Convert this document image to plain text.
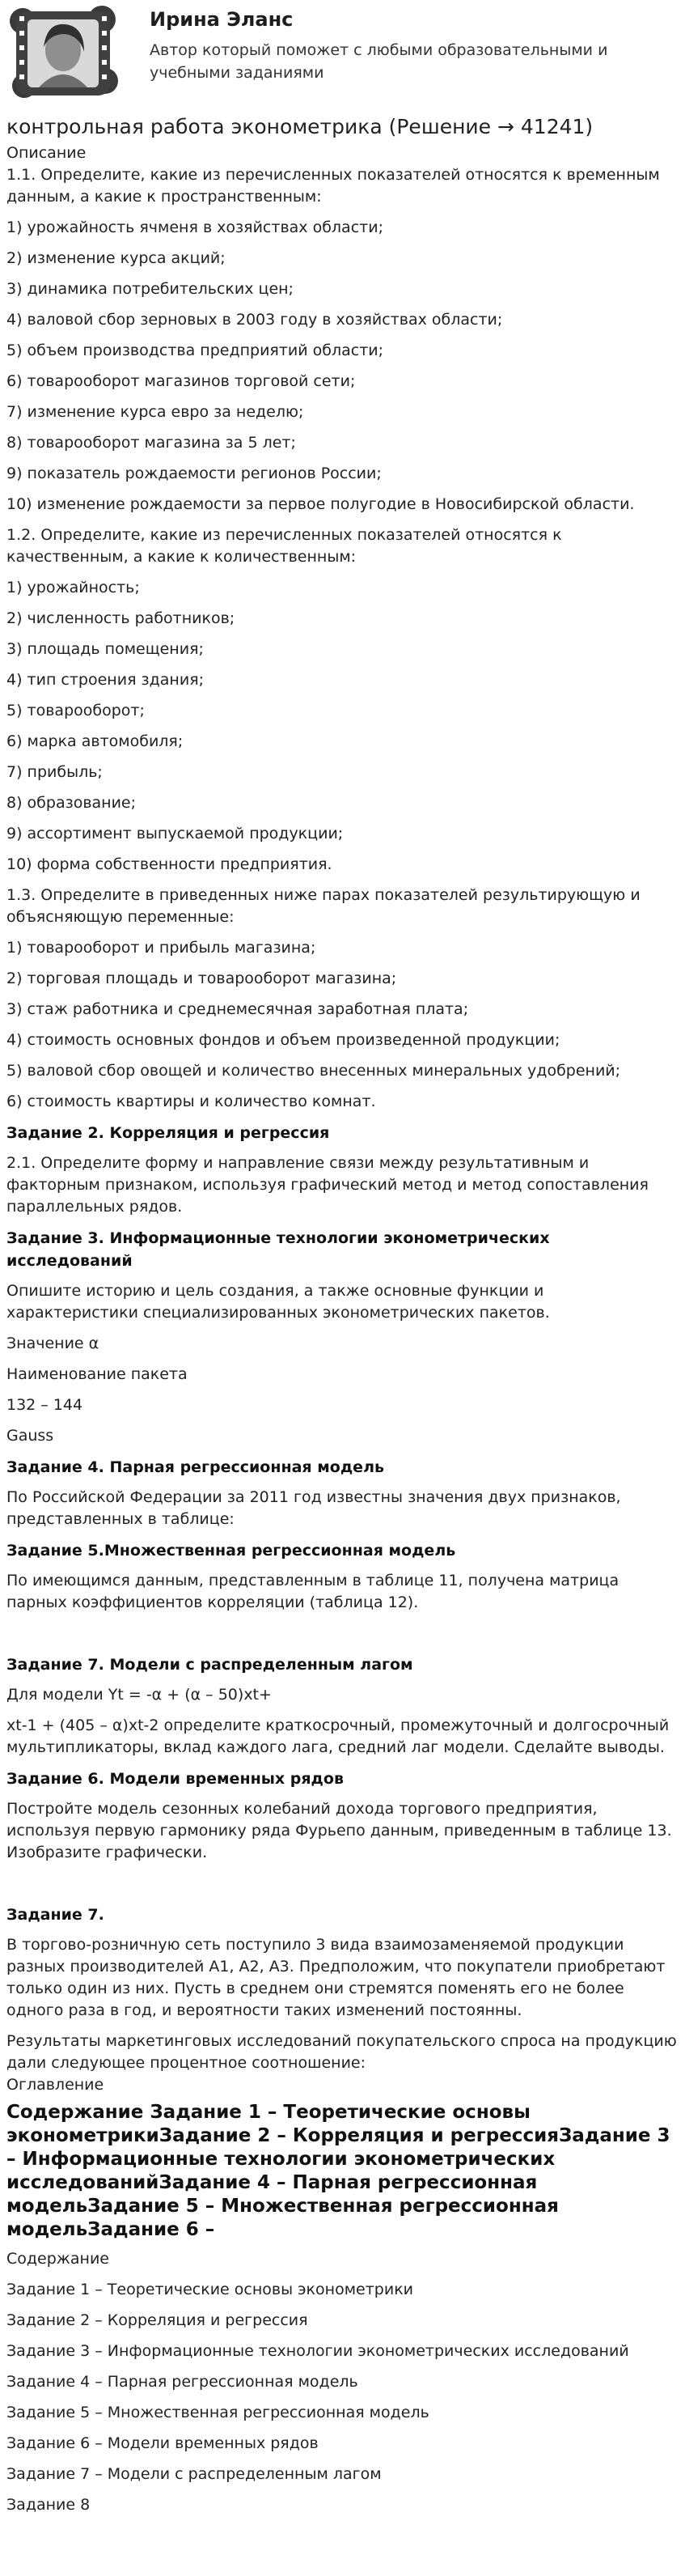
Ирина Эланс
Автор который поможет с любыми образовательными и учебными заданиями
контрольная работа эконометрика (Решение → 41241)
Описание
1.1. Определите, какие из перечисленных показателей относятся к временным данным, а какие к пространственным:
1) урожайность ячменя в хозяйствах области;
2) изменение курса акций;
3) динамика потребительских цен;
4) валовой сбор зерновых в 2003 году в хозяйствах области;
5) объем производства предприятий области;
6) товарооборот магазинов торговой сети;
7) изменение курса евро за неделю;
8) товарооборот магазина за 5 лет;
9) показатель рождаемости регионов России;
10) изменение рождаемости за первое полугодие в Новосибирской области.
1.2. Определите, какие из перечисленных показателей относятся к качественным, а какие к количественным:
1) урожайность;
2) численность работников;
3) площадь помещения;
4) тип строения здания;
5) товарооборот;
6) марка автомобиля;
7) прибыль;
8) образование;
9) ассортимент выпускаемой продукции;
10) форма собственности предприятия.
1.3. Определите в приведенных ниже парах показателей результирующую и объясняющую переменные:
1) товарооборот и прибыль магазина;
2) торговая площадь и товарооборот магазина;
3) стаж работника и среднемесячная заработная плата;
4) стоимость основных фондов и объем произведенной продукции;
5) валовой сбор овощей и количество внесенных минеральных удобрений;
6) стоимость квартиры и количество комнат.
Задание 2. Корреляция и регрессия
2.1. Определите форму и направление связи между результативным и факторным признаком, используя графический метод и метод сопоставления параллельных рядов.
Задание 3. Информационные технологии эконометрических исследований
Опишите историю и цель создания, а также основные функции и характеристики специализированных эконометрических пакетов.
Значение α
Наименование пакета
132 – 144
Gauss
Задание 4. Парная регрессионная модель
По Российской Федерации за 2011 год известны значения двух признаков, представленных в таблице:
Задание 5.Множественная регрессионная модель
По имеющимся данным, представленным в таблице 11, получена матрица парных коэффициентов корреляции (таблица 12).
Задание 7. Модели с распределенным лагом
Для модели Yt = -α + (α – 50)xt+
xt-1 + (405 – α)xt-2 определите краткосрочный, промежуточный и долгосрочный мультипликаторы, вклад каждого лага, средний лаг модели. Сделайте выводы.
Задание 6. Модели временных рядов
Постройте модель сезонных колебаний дохода торгового предприятия, используя первую гармонику ряда Фурьепо данным, приведенным в таблице 13. Изобразите графически.
Задание 7.
В торгово-розничную сеть поступило 3 вида взаимозаменяемой продукции разных производителей А1, А2, А3. Предположим, что покупатели приобретают только один из них. Пусть в среднем они стремятся поменять его не более одного раза в год, и вероятности таких изменений постоянны.
Результаты маркетинговых исследований покупательского спроса на продукцию дали следующее процентное соотношение:
Оглавление
Содержание Задание 1 – Теоретические основы эконометрикиЗадание 2 – Корреляция и регрессияЗадание 3 – Информационные технологии эконометрических исследованийЗадание 4 – Парная регрессионная модельЗадание 5 – Множественная регрессионная модельЗадание 6 –
Содержание
Задание 1 – Теоретические основы эконометрики
Задание 2 – Корреляция и регрессия
Задание 3 – Информационные технологии эконометрических исследований
Задание 4 – Парная регрессионная модель
Задание 5 – Множественная регрессионная модель
Задание 6 – Модели временных рядов
Задание 7 – Модели с распределенным лагом
Задание 8
